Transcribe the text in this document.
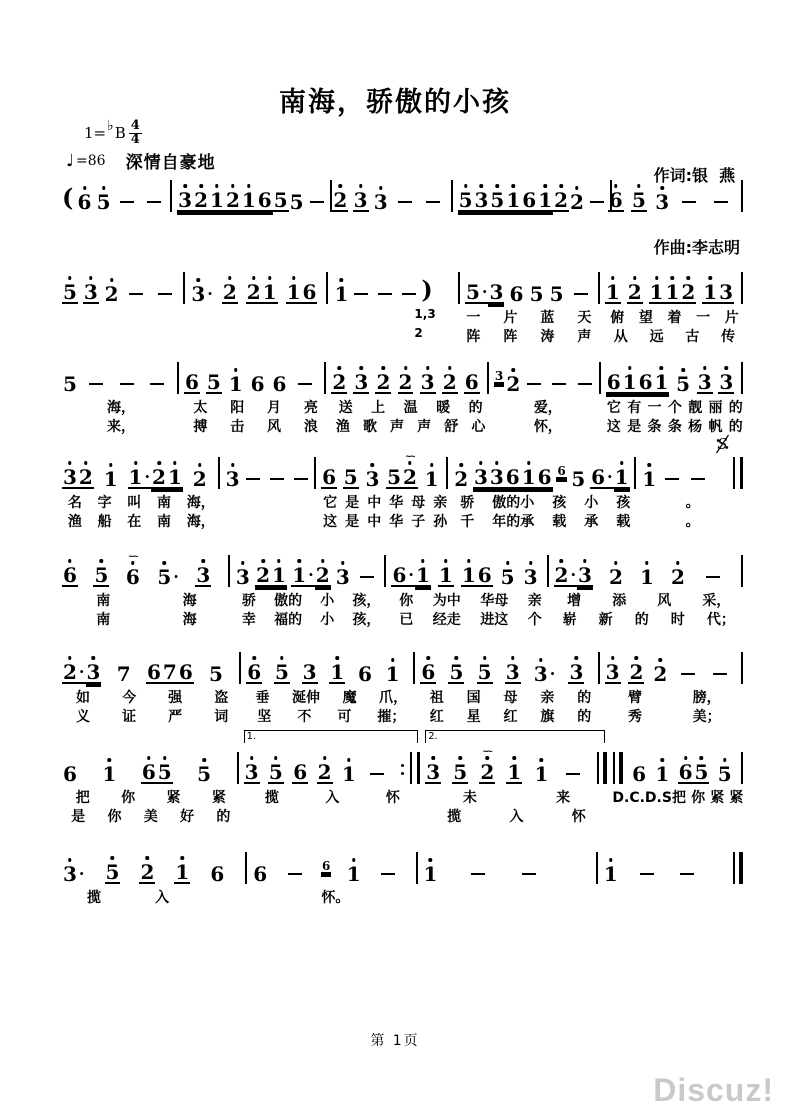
南海，骄傲的小孩

作词:银  燕

作曲:李志明

1= ♭ B $\frac{4}{4}$
♩ =86 深情自豪地
( 6 5	3 2 1 2 1 6 5 5 2 3 3	5 3 5 1 6 1 2 2 6 5 3
5 3 2	3 · 2 2 1 1 6 1	)
1,3
2
5 · 3 6 5 5
一 片 蓝 天
阵 阵 涛 声
1 2 1 1 2 1 3
俯 望 着 一 片
从 远 古 传
5
海，
来，
6 5 1 6 6
太 阳 月 亮
搏 击 风 浪
2 3 2 2 3 2 6
送 上 温 暖 的
渔 歌 声 声 舒 心
3 2
爱，
怀，
6 1 6 1 5 3 3
它 有 一 个 靓 丽 的
这 是 条 条 杨 帆 的
3 2 1 1 · 2 1 2
名 字 叫 南 海，
渔 船 在 南 海，
3	6 5 3 5
~~
2 1
它 是 中 华 母 亲
这 是 中 华 子 孙
2 3 3 6 1 6 6 5 6 · 1
骄 傲的小 孩 小 孩
千 年的承 载 承 载
1
S
。
。
6 5
~~
6 5 · 3
南	海
南	海
3 2 1 1 · 2 3
骄 傲的 小 孩，
幸 福的 小 孩，
6 · 1 1 1 6 5 3
你 为中 华母 亲
已 经走 进这 个
2 · 3 2 1 2
增 添 风 采，
崭 新 的 时 代；
2 · 3 7 6 7 6 5
如 今 强 盗
义 证 严 词
6 5 3 1 6 1
垂 涎伸 魔 爪，
坚 不 可 摧；
6 5 5 3 3 · 3
祖 国 母 亲 的
红 星 红 旗 的
3 2 2
臂	膀，
秀	美；
6 1 6 5 5
把 你 紧 紧
是 你 美 好 的
1. 3 5 6 2 1
揽	入	怀
2. 3 5
~~
2 1 1
未	来
揽	入	怀
6 1 6 5 5
D.C.D.S把 你 紧 紧
3 · 5 2 1 6
揽	入
6	6 1
怀。
1	1
第 1页
Discuz!
